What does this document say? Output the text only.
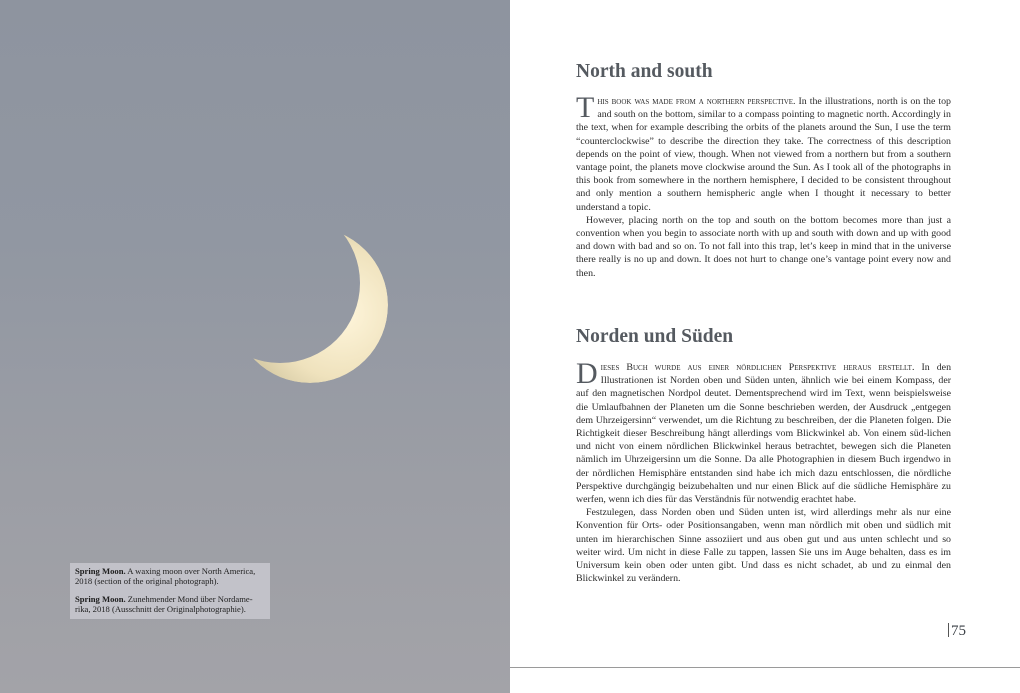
Spring Moon. A waxing moon over North America, 2018 (section of the original photograph).

Spring Moon. Zunehmender Mond über Nordame-rika, 2018 (Ausschnitt der Originalphotographie).

North and south

This book was made from a northern perspective. In the illustrations, north is on the top and south on the bottom, similar to a compass pointing to magnetic north. Accordingly in the text, when for example describing the orbits of the planets around the Sun, I use the term “counterclockwise” to describe the direction they take. The correctness of this description depends on the point of view, though. When not viewed from a northern but from a southern vantage point, the planets move clockwise around the Sun. As I took all of the photographs in this book from somewhere in the northern hemisphere, I decided to be consistent throughout and only mention a southern hemispheric angle when I thought it necessary to better understand a topic.

However, placing north on the top and south on the bottom becomes more than just a convention when you begin to associate north with up and south with down and up with good and down with bad and so on. To not fall into this trap, let’s keep in mind that in the universe there really is no up and down. It does not hurt to change one’s vantage point every now and then.

Norden und Süden

Dieses Buch wurde aus einer nördlichen Perspektive heraus erstellt. In den Illustrationen ist Norden oben und Süden unten, ähnlich wie bei einem Kompass, der auf den magnetischen Nordpol deutet. Dementsprechend wird im Text, wenn beispielsweise die Umlaufbahnen der Planeten um die Sonne beschrieben werden, der Ausdruck „entgegen dem Uhrzeigersinn“ verwendet, um die Richtung zu beschreiben, der die Planeten folgen. Die Richtigkeit dieser Beschreibung hängt allerdings vom Blickwinkel ab. Von einem süd-lichen und nicht von einem nördlichen Blickwinkel heraus betrachtet, bewegen sich die Planeten nämlich im Uhrzeigersinn um die Sonne. Da alle Photographien in diesem Buch irgendwo in der nördlichen Hemisphäre entstanden sind habe ich mich dazu entschlossen, die nördliche Perspektive durchgängig beizubehalten und nur einen Blick auf die südliche Hemisphäre zu werfen, wenn ich dies für das Verständnis für notwendig erachtet habe.

Festzulegen, dass Norden oben und Süden unten ist, wird allerdings mehr als nur eine Konvention für Orts- oder Positionsangaben, wenn man nördlich mit oben und südlich mit unten im hierarchischen Sinne assoziiert und aus oben gut und aus unten schlecht und so weiter wird. Um nicht in diese Falle zu tappen, lassen Sie uns im Auge behalten, dass es im Universum kein oben oder unten gibt. Und dass es nicht schadet, ab und zu einmal den Blickwinkel zu verändern.

75
